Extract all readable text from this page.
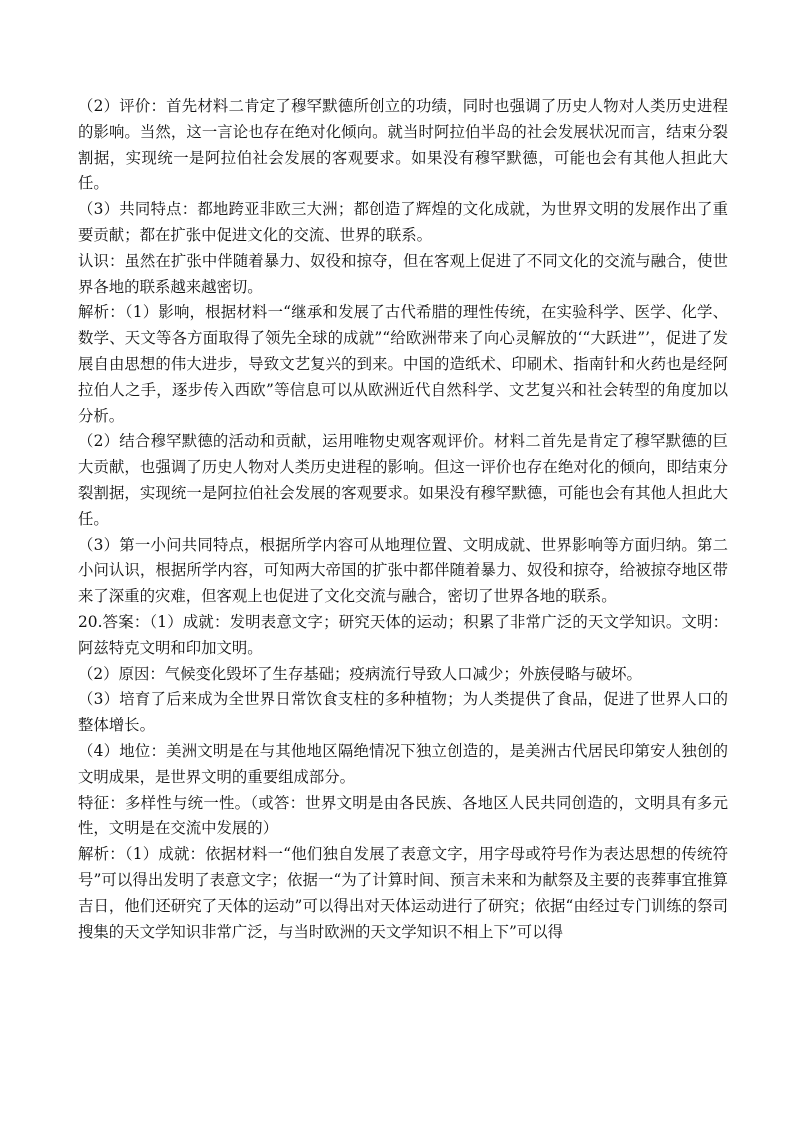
（2）评价：首先材料二肯定了穆罕默德所创立的功绩，同时也强调了历史人物对人类历史进程的影响。当然，这一言论也存在绝对化倾向。就当时阿拉伯半岛的社会发展状况而言，结束分裂割据，实现统一是阿拉伯社会发展的客观要求。如果没有穆罕默德，可能也会有其他人担此大任。

（3）共同特点：都地跨亚非欧三大洲；都创造了辉煌的文化成就，为世界文明的发展作出了重要贡献；都在扩张中促进文化的交流、世界的联系。

认识：虽然在扩张中伴随着暴力、奴役和掠夺，但在客观上促进了不同文化的交流与融合，使世界各地的联系越来越密切。

解析：（1）影响，根据材料一“继承和发展了古代希腊的理性传统，在实验科学、医学、化学、数学、天文等各方面取得了领先全球的成就”“给欧洲带来了向心灵解放的‘“大跃进”’，促进了发展自由思想的伟大进步，导致文艺复兴的到来。中国的造纸术、印刷术、指南针和火药也是经阿拉伯人之手，逐步传入西欧”等信息可以从欧洲近代自然科学、文艺复兴和社会转型的角度加以分析。

（2）结合穆罕默德的活动和贡献，运用唯物史观客观评价。材料二首先是肯定了穆罕默德的巨大贡献，也强调了历史人物对人类历史进程的影响。但这一评价也存在绝对化的倾向，即结束分裂割据，实现统一是阿拉伯社会发展的客观要求。如果没有穆罕默德，可能也会有其他人担此大任。

（3）第一小问共同特点，根据所学内容可从地理位置、文明成就、世界影响等方面归纳。第二小问认识，根据所学内容，可知两大帝国的扩张中都伴随着暴力、奴役和掠夺，给被掠夺地区带来了深重的灾难，但客观上也促进了文化交流与融合，密切了世界各地的联系。

20.答案：（1）成就：发明表意文字；研究天体的运动；积累了非常广泛的天文学知识。文明：阿兹特克文明和印加文明。

（2）原因：气候变化毁坏了生存基础；疫病流行导致人口减少；外族侵略与破坏。

（3）培育了后来成为全世界日常饮食支柱的多种植物；为人类提供了食品，促进了世界人口的整体增长。

（4）地位：美洲文明是在与其他地区隔绝情况下独立创造的，是美洲古代居民印第安人独创的文明成果，是世界文明的重要组成部分。

特征：多样性与统一性。（或答：世界文明是由各民族、各地区人民共同创造的，文明具有多元性，文明是在交流中发展的）

解析：（1）成就：依据材料一“他们独自发展了表意文字，用字母或符号作为表达思想的传统符号”可以得出发明了表意文字；依据一“为了计算时间、预言未来和为献祭及主要的丧葬事宜推算吉日，他们还研究了天体的运动”可以得出对天体运动进行了研究；依据“由经过专门训练的祭司搜集的天文学知识非常广泛，与当时欧洲的天文学知识不相上下”可以得
